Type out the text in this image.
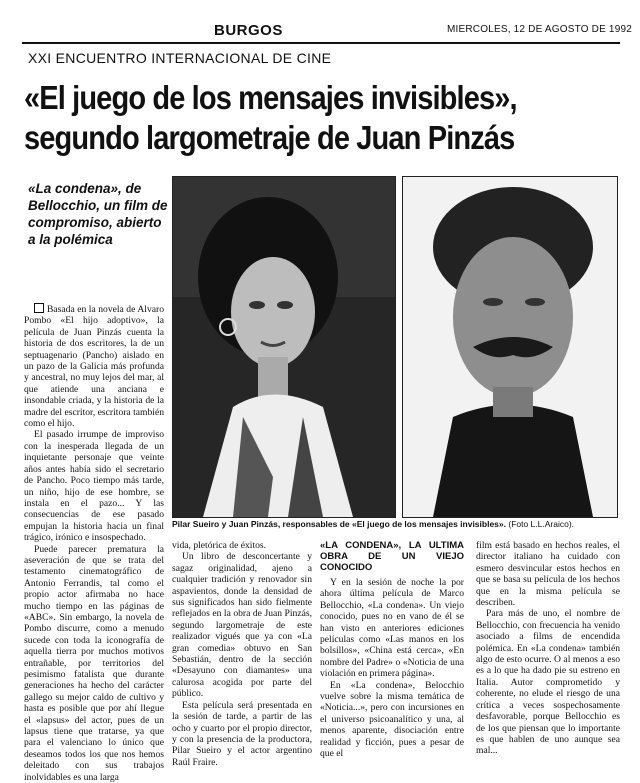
BURGOS	MIERCOLES, 12 DE AGOSTO DE 1992
XXI ENCUENTRO INTERNACIONAL DE CINE
«El juego de los mensajes invisibles»,
segundo largometraje de Juan Pinzás
«La condena», de Bellocchio, un film de compromiso, abierto a la polémica
Pilar Sueiro y Juan Pinzás, responsables de «El juego de los mensajes invisibles». (Foto L.L.Araico).

Basada en la novela de Alvaro Pombo «El hijo adoptivo», la película de Juan Pinzás cuenta la historia de dos escritores, la de un septuagenario (Pancho) aislado en un pazo de la Galicia más profunda y ancestral, no muy lejos del mar, al que atiende una anciana e insondable criada, y la historia de la madre del escritor, escritora también como el hijo.

El pasado irrumpe de improviso con la inesperada llegada de un inquietante personaje que veinte años antes había sido el secretario de Pancho. Poco tiempo más tarde, un niño, hijo de ese hombre, se instala en el pazo... Y las consecuencias de ese pasado empujan la historia hacia un final trágico, irónico e insospechado.

Puede parecer prematura la aseveración de que se trata del testamento cinematográfico de Antonio Ferrandis, tal como el propio actor afirmaba no hace mucho tiempo en las páginas de «ABC». Sin embargo, la novela de Pombo discurre, como a menudo sucede con toda la iconografía de aquella tierra por muchos motivos entrañable, por territorios del pesimismo fatalista que durante generaciones ha hecho del carácter gallego su mejor caldo de cultivo y hasta es posible que por ahí llegue el «lapsus» del actor, pues de un lapsus tiene que tratarse, ya que para el valenciano lo único que deseamos todos los que nos hemos deleitado con sus trabajos inolvidables es una larga

vida, pletórica de éxitos.

Un libro de desconcertante y sagaz originalidad, ajeno a cualquier tradición y renovador sin aspavientos, donde la densidad de sus significados han sido fielmente reflejados en la obra de Juan Pinzás, segundo largometraje de este realizador vigués que ya con «La gran comedia» obtuvo en San Sebastián, dentro de la sección «Desayuno con diamantes» una calurosa acogida por parte del público.

Esta película será presentada en la sesión de tarde, a partir de las ocho y cuarto por el propio director, y con la presencia de la productora, Pilar Sueiro y el actor argentino Raúl Fraire.

«LA CONDENA», LA ULTIMA OBRA DE UN VIEJO CONOCIDO

Y en la sesión de noche la por ahora última película de Marco Bellocchio, «La condena». Un viejo conocido, pues no en vano de él se han visto en anteriores ediciones películas como «Las manos en los bolsillos», «China está cerca», «En nombre del Padre» o «Noticia de una violación en primera página».

En «La condena», Belocchio vuelve sobre la misma temática de «Noticia...», pero con incursiones en el universo psicoanalítico y una, al menos aparente, disociación entre realidad y ficción, pues a pesar de que el

film está basado en hechos reales, el director italiano ha cuidado con esmero desvincular estos hechos en que se basa su película de los hechos que en la misma película se describen.

Para más de uno, el nombre de Bellocchio, con frecuencia ha venido asociado a films de encendida polémica. En «La condena» también algo de esto ocurre. O al menos a eso es a lo que ha dado pie su estreno en Italia. Autor comprometido y coherente, no elude el riesgo de una crítica a veces sospechosamente desfavorable, porque Bellocchio es de los que piensan que lo importante es que hablen de uno aunque sea mal...
